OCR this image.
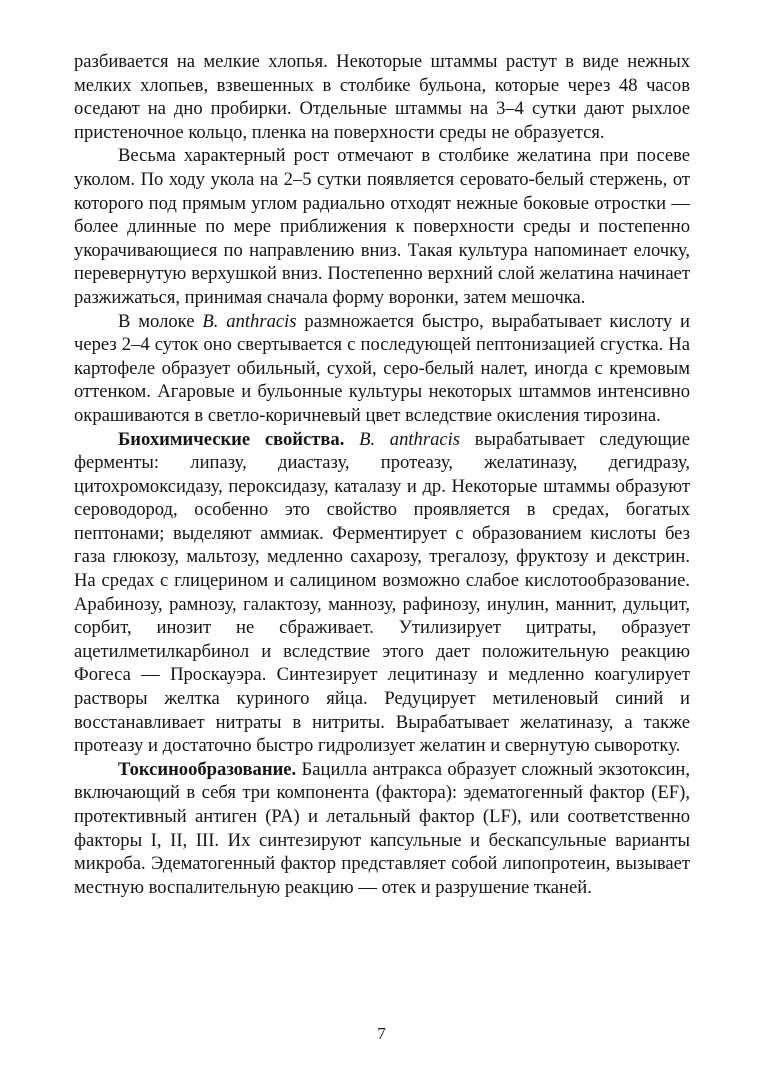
разбивается на мелкие хлопья. Некоторые штаммы растут в виде нежных мелких хлопьев, взвешенных в столбике бульона, которые через 48 часов оседают на дно пробирки. Отдельные штаммы на 3–4 сутки дают рыхлое пристеночное кольцо, пленка на поверхности среды не образуется.

Весьма характерный рост отмечают в столбике желатина при посеве уколом. По ходу укола на 2–5 сутки появляется серовато-белый стержень, от которого под прямым углом радиально отходят нежные боковые отростки — более длинные по мере приближения к поверхности среды и постепенно укорачивающиеся по направлению вниз. Такая культура напоминает елочку, перевернутую верхушкой вниз. Постепенно верхний слой желатина начинает разжижаться, принимая сначала форму воронки, затем мешочка.

В молоке B. anthracis размножается быстро, вырабатывает кислоту и через 2–4 суток оно свертывается с последующей пептонизацией сгустка. На картофеле образует обильный, сухой, серо-белый налет, иногда с кремовым оттенком. Агаровые и бульонные культуры некоторых штаммов интенсивно окрашиваются в светло-коричневый цвет вследствие окисления тирозина.

Биохимические свойства. B. anthracis вырабатывает следующие ферменты: липазу, диастазу, протеазу, желатиназу, дегидразу, цитохромоксидазу, пероксидазу, каталазу и др. Некоторые штаммы образуют сероводород, особенно это свойство проявляется в средах, богатых пептонами; выделяют аммиак. Ферментирует с образованием кислоты без газа глюкозу, мальтозу, медленно сахарозу, трегалозу, фруктозу и декстрин. На средах с глицерином и салицином возможно слабое кислотообразование. Арабинозу, рамнозу, галактозу, маннозу, рафинозу, инулин, маннит, дульцит, сорбит, инозит не сбраживает. Утилизирует цитраты, образует ацетилметилкарбинол и вследствие этого дает положительную реакцию Фогеса — Проскауэра. Синтезирует лецитиназу и медленно коагулирует растворы желтка куриного яйца. Редуцирует метиленовый синий и восстанавливает нитраты в нитриты. Вырабатывает желатиназу, а также протеазу и достаточно быстро гидролизует желатин и свернутую сыворотку.

Токсинообразование. Бацилла антракса образует сложный экзотоксин, включающий в себя три компонента (фактора): эдематогенный фактор (EF), протективный антиген (PA) и летальный фактор (LF), или соответственно факторы I, II, III. Их синтезируют капсульные и бескапсульные варианты микроба. Эдематогенный фактор представляет собой липопротеин, вызывает местную воспалительную реакцию — отек и разрушение тканей.

7
